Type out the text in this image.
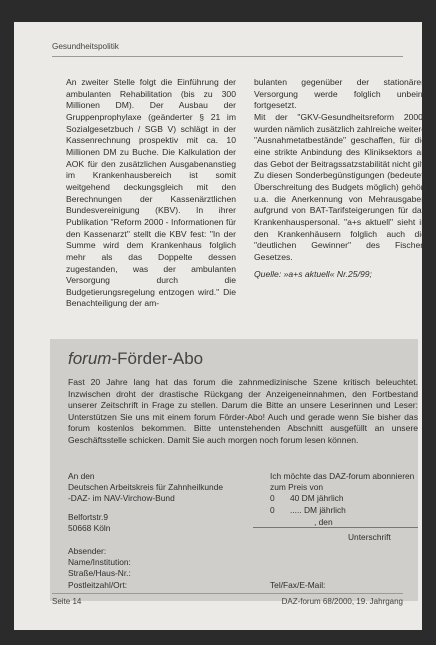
Gesundheitspolitik

An zweiter Stelle folgt die Einführung der ambulanten Rehabilitation (bis zu 300 Millionen DM). Der Ausbau der Gruppenprophylaxe (geänderter § 21 im Sozialgesetzbuch / SGB V) schlägt in der Kassenrechnung prospektiv mit ca. 10 Millionen DM zu Buche. Die Kalkulation der AOK für den zusätzlichen Ausgabenanstieg im Krankenhausbereich ist somit weitgehend deckungsgleich mit den Berechnungen der Kassenärztlichen Bundesvereinigung (KBV). In ihrer Publikation "Reform 2000 - Informationen für den Kassenarzt" stellt die KBV fest: "In der Summe wird dem Krankenhaus folglich mehr als das Doppelte dessen zugestanden, was der ambulanten Versorgung durch die Budgetierungsregelung entzogen wird." Die Benachteiligung der am-

bulanten gegenüber der stationären Versorgung werde folglich unbeirrt fortgesetzt.

Mit der "GKV-Gesundheitsreform 2000" wurden nämlich zusätzlich zahlreiche weitere "Ausnahmetatbestände" geschaffen, für die eine strikte Anbindung des Kliniksektors an das Gebot der Beitragssatzstabilität nicht gilt.

Zu diesen Sonderbegünstigungen (bedeutet: Überschreitung des Budgets möglich) gehört u.a. die Anerkennung von Mehrausgaben aufgrund von BAT-Tarifsteigerungen für das Krankenhauspersonal. "a+s aktuell" sieht in den Krankenhäusern folglich auch die "deutlichen Gewinner" des Fischer-Gesetzes.

Quelle: »a+s aktuell« Nr.25/99;

forum-Förder-Abo
Fast 20 Jahre lang hat das forum die zahnmedizinische Szene kritisch beleuchtet. Inzwischen droht der drastische Rückgang der Anzeigeneinnahmen, den Fortbestand unserer Zeitschrift in Frage zu stellen. Darum die Bitte an unsere Leserinnen und Leser: Unterstützen Sie uns mit einem forum Förder-Abo! Auch und gerade wenn Sie bisher das forum kostenlos bekommen. Bitte untenstehenden Abschnitt ausgefüllt an unsere Geschäftsstelle schicken. Damit Sie auch morgen noch forum lesen können.
An den
Deutschen Arbeitskreis für Zahnheilkunde
-DAZ- im NAV-Virchow-Bund
Belfortstr.9
50668 Köln
Ich möchte das DAZ-forum abonnieren
zum Preis von
0	40 DM jährlich
0	..... DM jährlich
, den
Unterschrift
Absender:
Name/Institution:
Straße/Haus-Nr.:
Postleitzahl/Ort:	Tel/Fax/E-Mail:
Seite 14	DAZ-forum 68/2000, 19. Jahrgang
